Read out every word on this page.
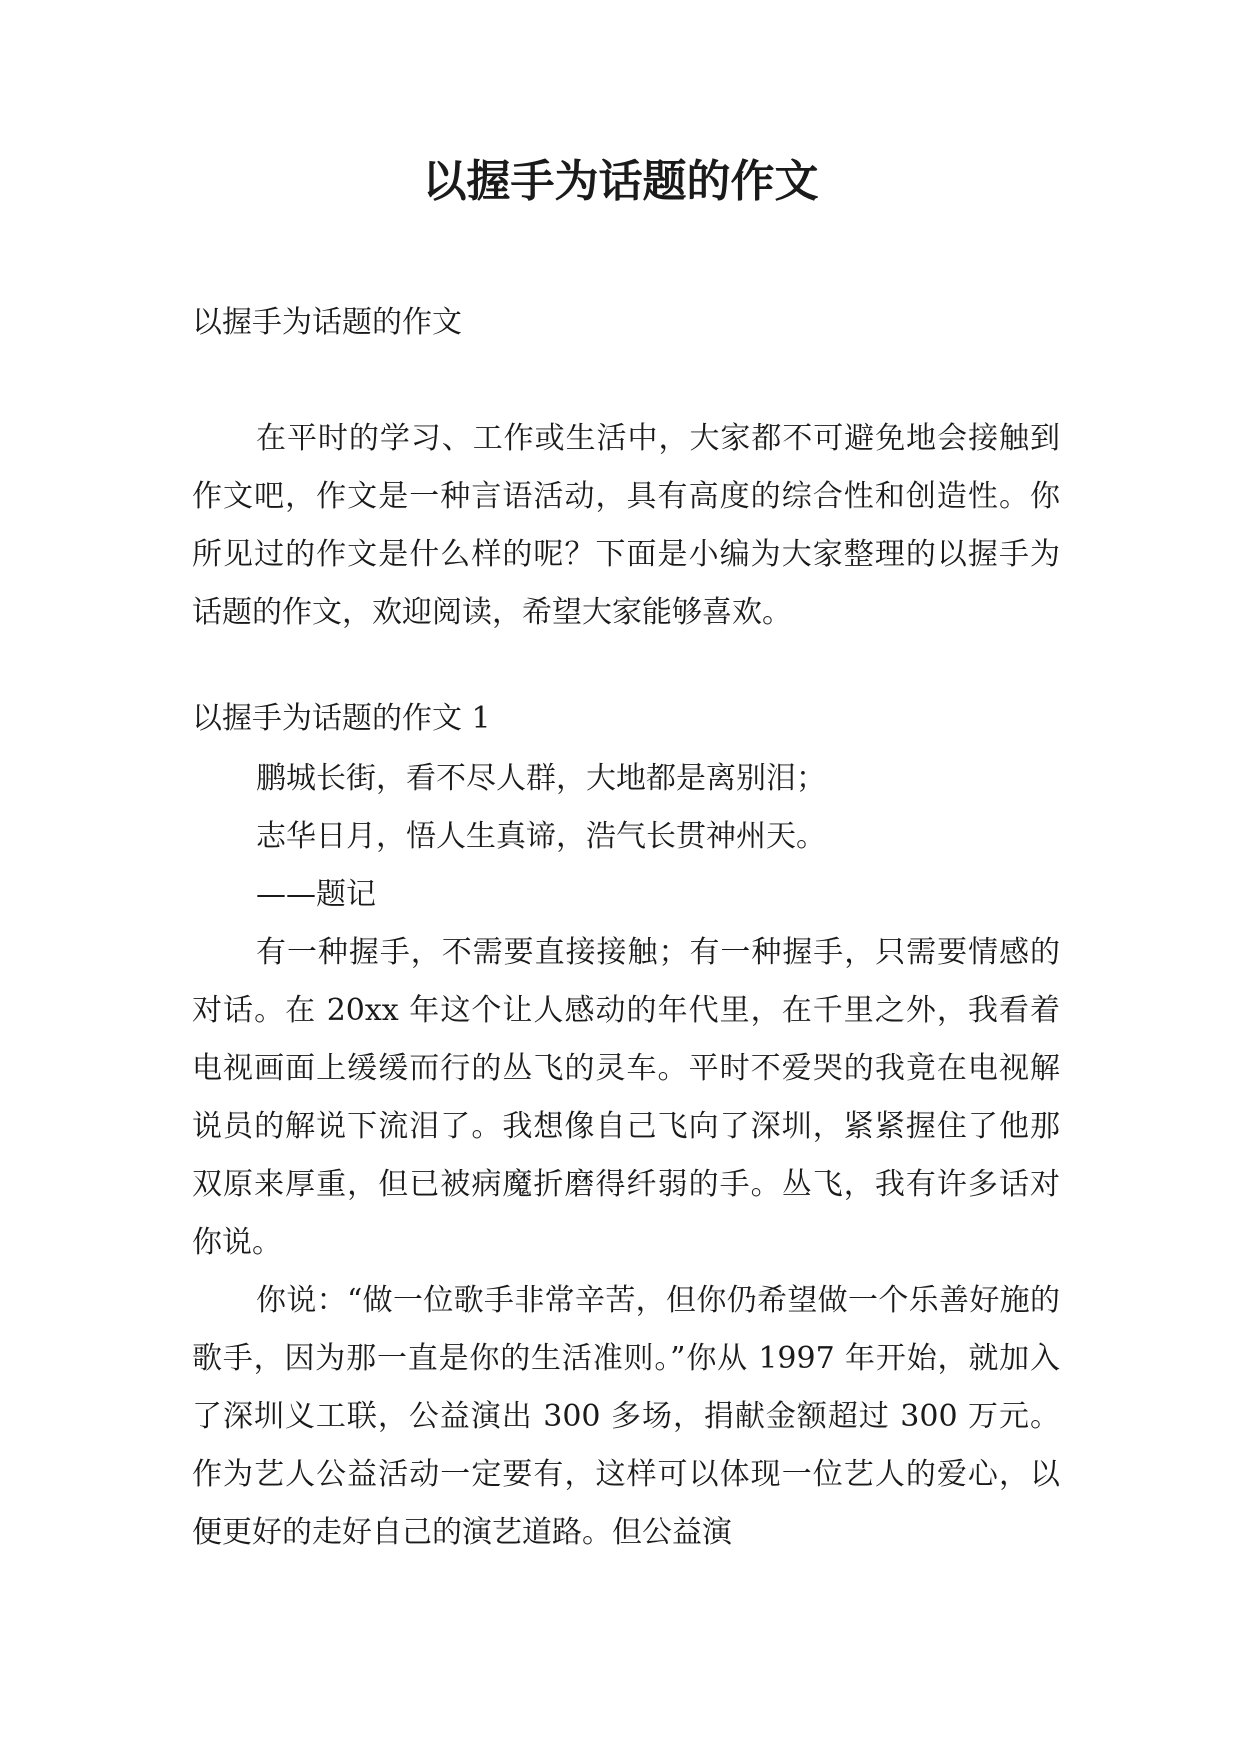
以握手为话题的作文

以握手为话题的作文

在平时的学习、工作或生活中，大家都不可避免地会接触到作文吧，作文是一种言语活动，具有高度的综合性和创造性。你所见过的作文是什么样的呢？下面是小编为大家整理的以握手为话题的作文，欢迎阅读，希望大家能够喜欢。

以握手为话题的作文 1

鹏城长街，看不尽人群，大地都是离别泪；

志华日月，悟人生真谛，浩气长贯神州天。

——题记

有一种握手，不需要直接接触；有一种握手，只需要情感的对话。在 20xx 年这个让人感动的年代里，在千里之外，我看着电视画面上缓缓而行的丛飞的灵车。平时不爱哭的我竟在电视解说员的解说下流泪了。我想像自己飞向了深圳，紧紧握住了他那双原来厚重，但已被病魔折磨得纤弱的手。丛飞，我有许多话对你说。

你说：“做一位歌手非常辛苦，但你仍希望做一个乐善好施的歌手，因为那一直是你的生活准则。”你从 1997 年开始，就加入了深圳义工联，公益演出 300 多场，捐献金额超过 300 万元。作为艺人公益活动一定要有，这样可以体现一位艺人的爱心，以便更好的走好自己的演艺道路。但公益演
